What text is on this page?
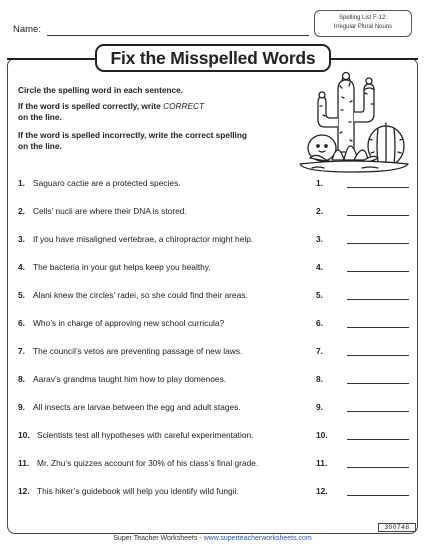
Name:
Spelling List F-12:
Irregular Plural Nouns
Fix the Misspelled Words
Circle the spelling word in each sentence.
If the word is spelled correctly, write CORRECT
on the line.
If the word is spelled incorrectly, write the correct spelling on the line.
1. Saguaro cactie are a protected species.	1.
2. Cells’ nucli are where their DNA is stored.	2.
3. If you have misaligned vertebrae, a chiropractor might help.	3.
4. The bacteria in your gut helps keep you healthy.	4.
5. Alani knew the circles’ radei, so she could find their areas.	5.
6. Who’s in charge of approving new school curricula?	6.
7. The council’s vetos are preventing passage of new laws.	7.
8. Aarav’s grandma taught him how to play domenoes.	8.
9. All insects are larvae between the egg and adult stages.	9.
10. Scientists test all hypotheses with careful experimentation.	10.
11. Mr. Zhu’s quizzes account for 30% of his class’s final grade.	11.
12. This hiker’s guidebook will help you identify wild fungii.	12.
300748
Super Teacher Worksheets - www.superteacherworksheets.com
